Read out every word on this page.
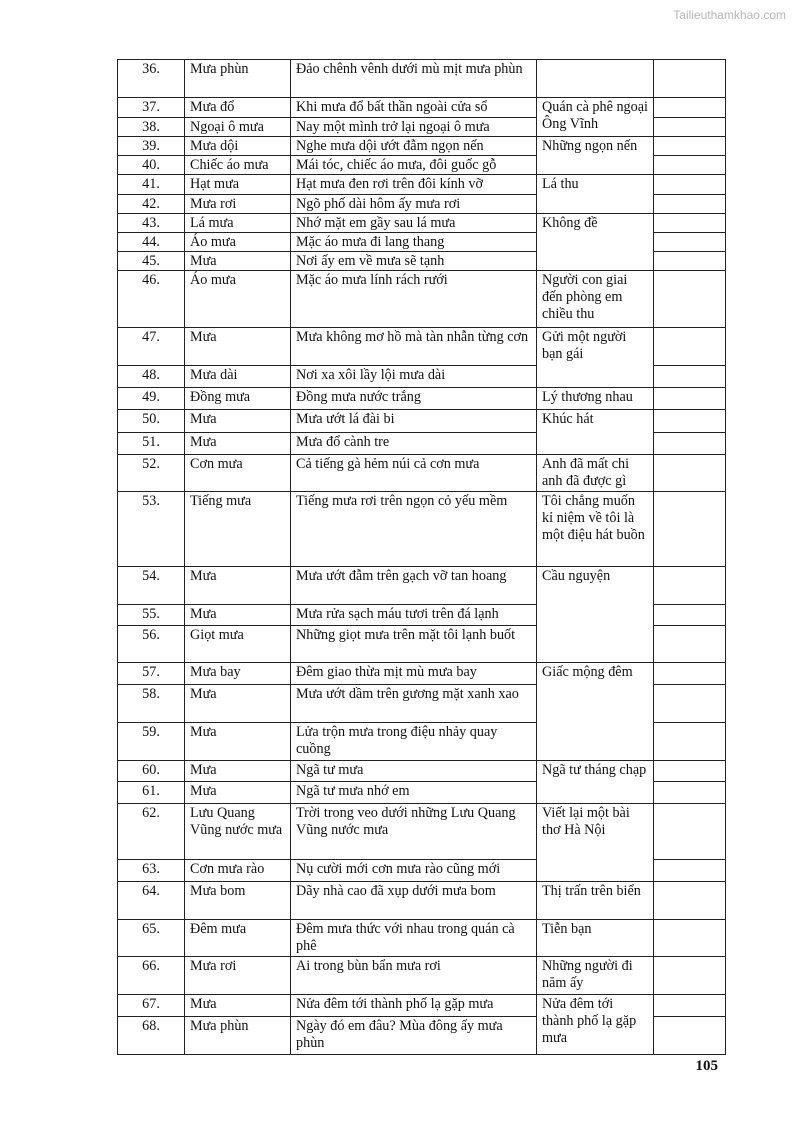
Tailieuthamkhao.com
36.	Mưa phùn	Đảo chênh vênh dưới mù mịt mưa phùn		
37.	Mưa đổ	Khi mưa đổ bất thần ngoài cửa sổ	Quán cà phê ngoại Ông Vĩnh	
38.	Ngoại ô mưa	Nay một mình trở lại ngoại ô mưa		
39.	Mưa dội	Nghe mưa dội ướt đẫm ngọn nến	Những ngọn nến	
40.	Chiếc áo mưa	Mái tóc, chiếc áo mưa, đôi guốc gỗ		
41.	Hạt mưa	Hạt mưa đen rơi trên đôi kính vỡ	Lá thu	
42.	Mưa rơi	Ngõ phố dài hôm ấy mưa rơi		
43.	Lá mưa	Nhớ mặt em gầy sau lá mưa	Không đề	
44.	Áo mưa	Mặc áo mưa đi lang thang		
45.	Mưa	Nơi ấy em về mưa sẽ tạnh		
46.	Áo mưa	Mặc áo mưa lính rách rưới	Người con giai đến phòng em chiều thu	
47.	Mưa	Mưa không mơ hồ mà tàn nhẫn từng cơn	Gửi một người bạn gái	
48.	Mưa dài	Nơi xa xôi lầy lội mưa dài		
49.	Đồng mưa	Đồng mưa nước trắng	Lý thương nhau	
50.	Mưa	Mưa ướt lá đài bi	Khúc hát	
51.	Mưa	Mưa đổ cành tre		
52.	Cơn mưa	Cả tiếng gà hẻm núi cả cơn mưa	Anh đã mất chi anh đã được gì	
53.	Tiếng mưa	Tiếng mưa rơi trên ngọn cỏ yếu mềm	Tôi chẳng muốn kỉ niệm về tôi là một điệu hát buồn	
54.	Mưa	Mưa ướt đẫm trên gạch vỡ tan hoang	Cầu nguyện	
55.	Mưa	Mưa rửa sạch máu tươi trên đá lạnh		
56.	Giọt mưa	Những giọt mưa trên mặt tôi lạnh buốt		
57.	Mưa bay	Đêm giao thừa mịt mù mưa bay	Giấc mộng đêm	
58.	Mưa	Mưa ướt dầm trên gương mặt xanh xao		
59.	Mưa	Lửa trộn mưa trong điệu nhảy quay cuồng		
60.	Mưa	Ngã tư mưa	Ngã tư tháng chạp	
61.	Mưa	Ngã tư mưa nhớ em		
62.	Lưu Quang Vũng nước mưa	Trời trong veo dưới những Lưu Quang Vũng nước mưa	Viết lại một bài thơ Hà Nội	
63.	Cơn mưa rào	Nụ cười mới cơn mưa rào cũng mới		
64.	Mưa bom	Dãy nhà cao đã xụp dưới mưa bom	Thị trấn trên biển	
65.	Đêm mưa	Đêm mưa thức với nhau trong quán cà phê	Tiễn bạn	
66.	Mưa rơi	Ai trong bùn bẩn mưa rơi	Những người đi năm ấy	
67.	Mưa	Nửa đêm tới thành phố lạ gặp mưa	Nửa đêm tới thành phố lạ gặp mưa	
68.	Mưa phùn	Ngày đó em đâu? Mùa đông ấy mưa phùn		
105
